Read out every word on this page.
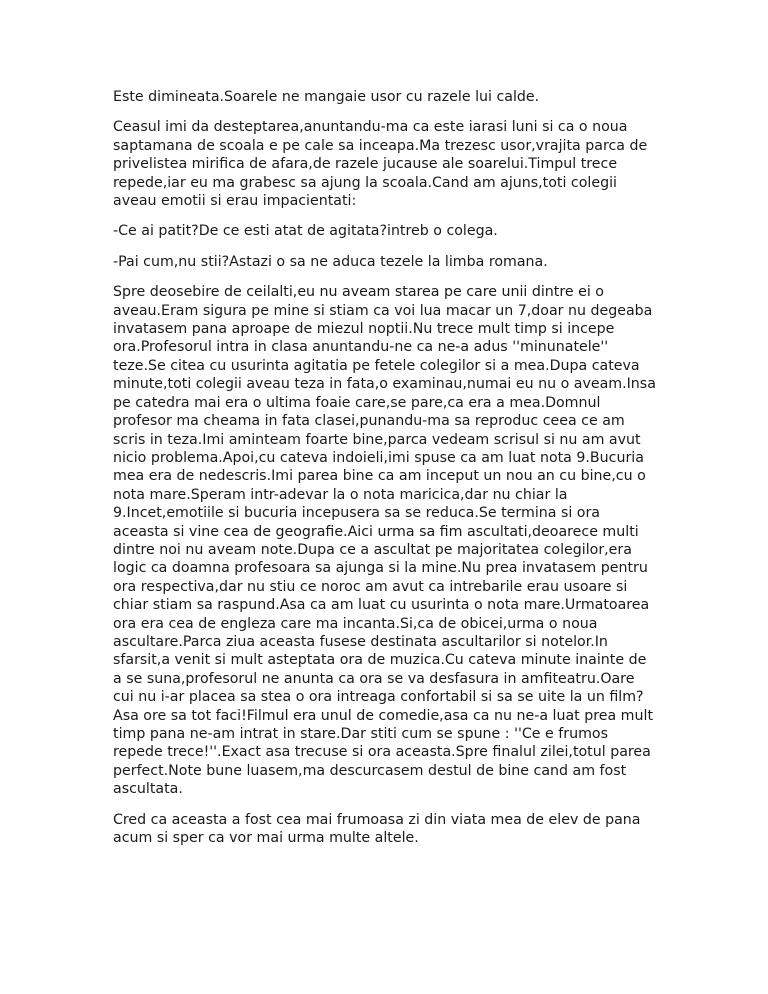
Este dimineata.Soarele ne mangaie usor cu razele lui calde.

Ceasul imi da desteptarea,anuntandu-ma ca este iarasi luni si ca o noua saptamana de scoala e pe cale sa inceapa.Ma trezesc usor,vrajita parca de privelistea mirifica de afara,de razele jucause ale soarelui.Timpul trece repede,iar eu ma grabesc sa ajung la scoala.Cand am ajuns,toti colegii aveau emotii si erau impacientati:

-Ce ai patit?De ce esti atat de agitata?intreb o colega.

-Pai cum,nu stii?Astazi o sa ne aduca tezele la limba romana.

Spre deosebire de ceilalti,eu nu aveam starea pe care unii dintre ei o aveau.Eram sigura pe mine si stiam ca voi lua macar un 7,doar nu degeaba invatasem pana aproape de miezul noptii.Nu trece mult timp si incepe ora.Profesorul intra in clasa anuntandu-ne ca ne-a adus ''minunatele'' teze.Se citea cu usurinta agitatia pe fetele colegilor si a mea.Dupa cateva minute,toti colegii aveau teza in fata,o examinau,numai eu nu o aveam.Insa pe catedra mai era o ultima foaie care,se pare,ca era a mea.Domnul profesor ma cheama in fata clasei,punandu-ma sa reproduc ceea ce am scris in teza.Imi aminteam foarte bine,parca vedeam scrisul si nu am avut nicio problema.Apoi,cu cateva indoieli,imi spuse ca am luat nota 9.Bucuria mea era de nedescris.Imi parea bine ca am inceput un nou an cu bine,cu o nota mare.Speram intr-adevar la o nota maricica,dar nu chiar la 9.Incet,emotiile si bucuria incepusera sa se reduca.Se termina si ora aceasta si vine cea de geografie.Aici urma sa fim ascultati,deoarece multi dintre noi nu aveam note.Dupa ce a ascultat pe majoritatea colegilor,era logic ca doamna profesoara sa ajunga si la mine.Nu prea invatasem pentru ora respectiva,dar nu stiu ce noroc am avut ca intrebarile erau usoare si chiar stiam sa raspund.Asa ca am luat cu usurinta o nota mare.Urmatoarea ora era cea de engleza care ma incanta.Si,ca de obicei,urma o noua ascultare.Parca ziua aceasta fusese destinata ascultarilor si notelor.In sfarsit,a venit si mult asteptata ora de muzica.Cu cateva minute inainte de a se suna,profesorul ne anunta ca ora se va desfasura in amfiteatru.Oare cui nu i-ar placea sa stea o ora intreaga confortabil si sa se uite la un film?Asa ore sa tot faci!Filmul era unul de comedie,asa ca nu ne-a luat prea mult timp pana ne-am intrat in stare.Dar stiti cum se spune : ''Ce e frumos repede trece!''.Exact asa trecuse si ora aceasta.Spre finalul zilei,totul parea perfect.Note bune luasem,ma descurcasem destul de bine cand am fost ascultata.

Cred ca aceasta a fost cea mai frumoasa zi din viata mea de elev de pana acum si sper ca vor mai urma multe altele.
